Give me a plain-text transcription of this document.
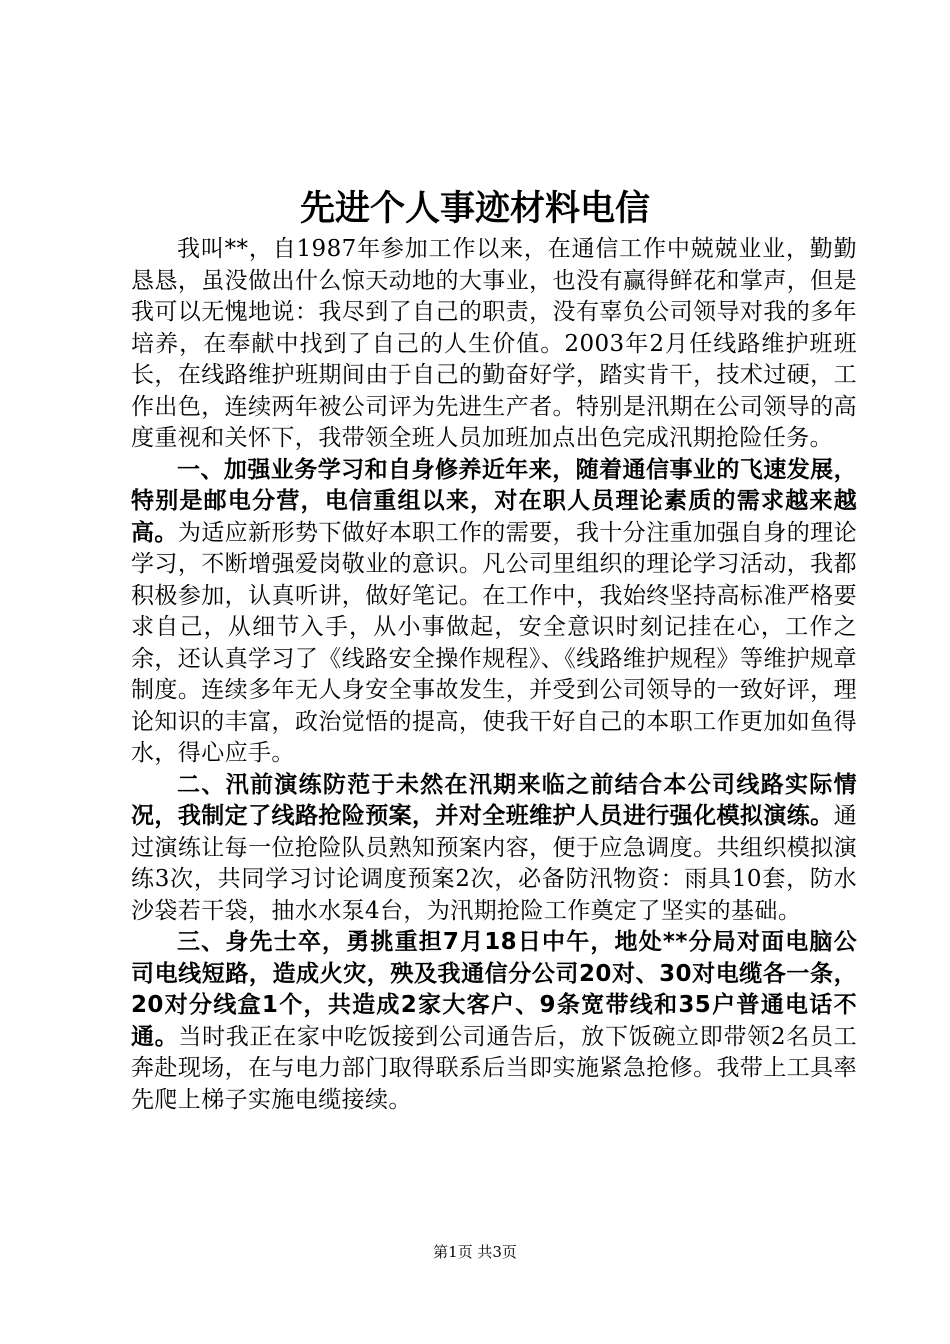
先进个人事迹材料电信

我叫**，自1987年参加工作以来，在通信工作中兢兢业业，勤勤恳恳，虽没做出什么惊天动地的大事业，也没有赢得鲜花和掌声，但是我可以无愧地说：我尽到了自己的职责，没有辜负公司领导对我的多年培养，在奉献中找到了自己的人生价值。2003年2月任线路维护班班长，在线路维护班期间由于自己的勤奋好学，踏实肯干，技术过硬，工作出色，连续两年被公司评为先进生产者。特别是汛期在公司领导的高度重视和关怀下，我带领全班人员加班加点出色完成汛期抢险任务。

一、加强业务学习和自身修养近年来，随着通信事业的飞速发展，特别是邮电分营，电信重组以来，对在职人员理论素质的需求越来越高。为适应新形势下做好本职工作的需要，我十分注重加强自身的理论学习，不断增强爱岗敬业的意识。凡公司里组织的理论学习活动，我都积极参加，认真听讲，做好笔记。在工作中，我始终坚持高标准严格要求自己，从细节入手，从小事做起，安全意识时刻记挂在心，工作之余，还认真学习了《线路安全操作规程》、《线路维护规程》等维护规章制度。连续多年无人身安全事故发生，并受到公司领导的一致好评，理论知识的丰富，政治觉悟的提高，使我干好自己的本职工作更加如鱼得水，得心应手。

二、汛前演练防范于未然在汛期来临之前结合本公司线路实际情况，我制定了线路抢险预案，并对全班维护人员进行强化模拟演练。通过演练让每一位抢险队员熟知预案内容，便于应急调度。共组织模拟演练3次，共同学习讨论调度预案2次，必备防汛物资：雨具10套，防水沙袋若干袋，抽水水泵4台，为汛期抢险工作奠定了坚实的基础。

三、身先士卒，勇挑重担7月18日中午，地处**分局对面电脑公司电线短路，造成火灾，殃及我通信分公司20对、30对电缆各一条，20对分线盒1个，共造成2家大客户、9条宽带线和35户普通电话不通。当时我正在家中吃饭接到公司通告后，放下饭碗立即带领2名员工奔赴现场，在与电力部门取得联系后当即实施紧急抢修。我带上工具率先爬上梯子实施电缆接续。

第1页 共3页
